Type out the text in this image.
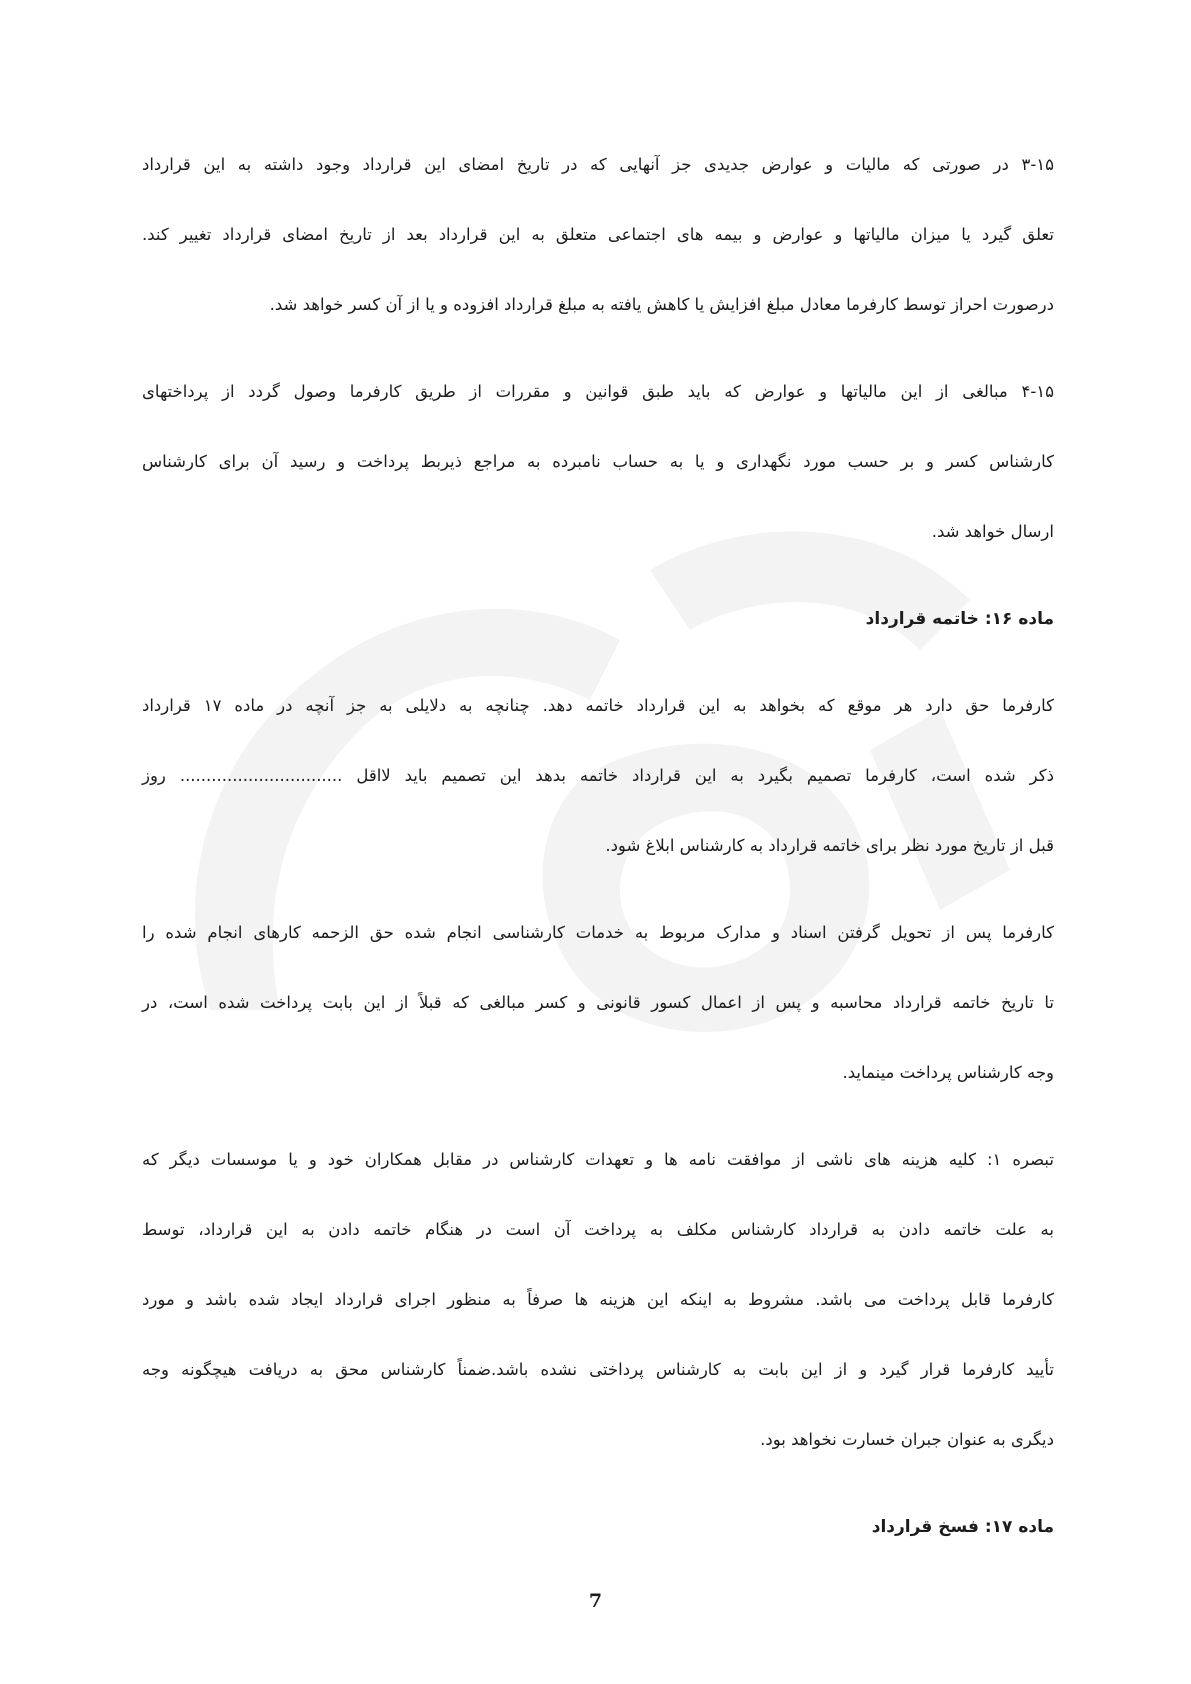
۳-۱۵ در صورتی که مالیات و عوارض جدیدی جز آنهایی که در تاریخ امضای این قرارداد وجود داشته به این قرارداد
تعلق گیرد یا میزان مالیاتها و عوارض و بیمه های اجتماعی متعلق به این قرارداد بعد از تاریخ امضای قرارداد تغییر کند.
درصورت احراز توسط کارفرما معادل مبلغ افزایش یا کاهش یافته به مبلغ قرارداد افزوده و یا از آن کسر خواهد شد.
۴-۱۵ مبالغی از این مالیاتها و عوارض که باید طبق قوانین و مقررات از طریق کارفرما وصول گردد از پرداختهای
کارشناس کسر و بر حسب مورد نگهداری و یا به حساب نامبرده به مراجع ذیربط پرداخت و رسید آن برای کارشناس
ارسال خواهد شد.
ماده ۱۶: خاتمه قرارداد
کارفرما حق دارد هر موقع که بخواهد به این قرارداد خاتمه دهد. چنانچه به دلایلی به جز آنچه در ماده ۱۷ قرارداد
ذکر شده است، کارفرما تصمیم بگیرد به این قرارداد خاتمه بدهد این تصمیم باید لااقل ............................... روز
قبل از تاریخ مورد نظر برای خاتمه قرارداد به کارشناس ابلاغ شود.
کارفرما پس از تحویل گرفتن اسناد و مدارک مربوط به خدمات کارشناسی انجام شده حق الزحمه کارهای انجام شده را
تا تاریخ خاتمه قرارداد محاسبه و پس از اعمال کسور قانونی و کسر مبالغی که قبلاً از این بابت پرداخت شده است، در
وجه کارشناس پرداخت مینماید.
تبصره ۱: کلیه هزینه های ناشی از موافقت نامه ها و تعهدات کارشناس در مقابل همکاران خود و یا موسسات دیگر که
به علت خاتمه دادن به قرارداد کارشناس مکلف به پرداخت آن است در هنگام خاتمه دادن به این قرارداد، توسط
کارفرما قابل پرداخت می باشد. مشروط به اینکه این هزینه ها صرفاً به منظور اجرای قرارداد ایجاد شده باشد و مورد
تأیید کارفرما قرار گیرد و از این بابت به کارشناس پرداختی نشده باشد.ضمناً کارشناس محق به دریافت هیچگونه وجه
دیگری به عنوان جبران خسارت نخواهد بود.
ماده ۱۷: فسخ قرارداد
7
